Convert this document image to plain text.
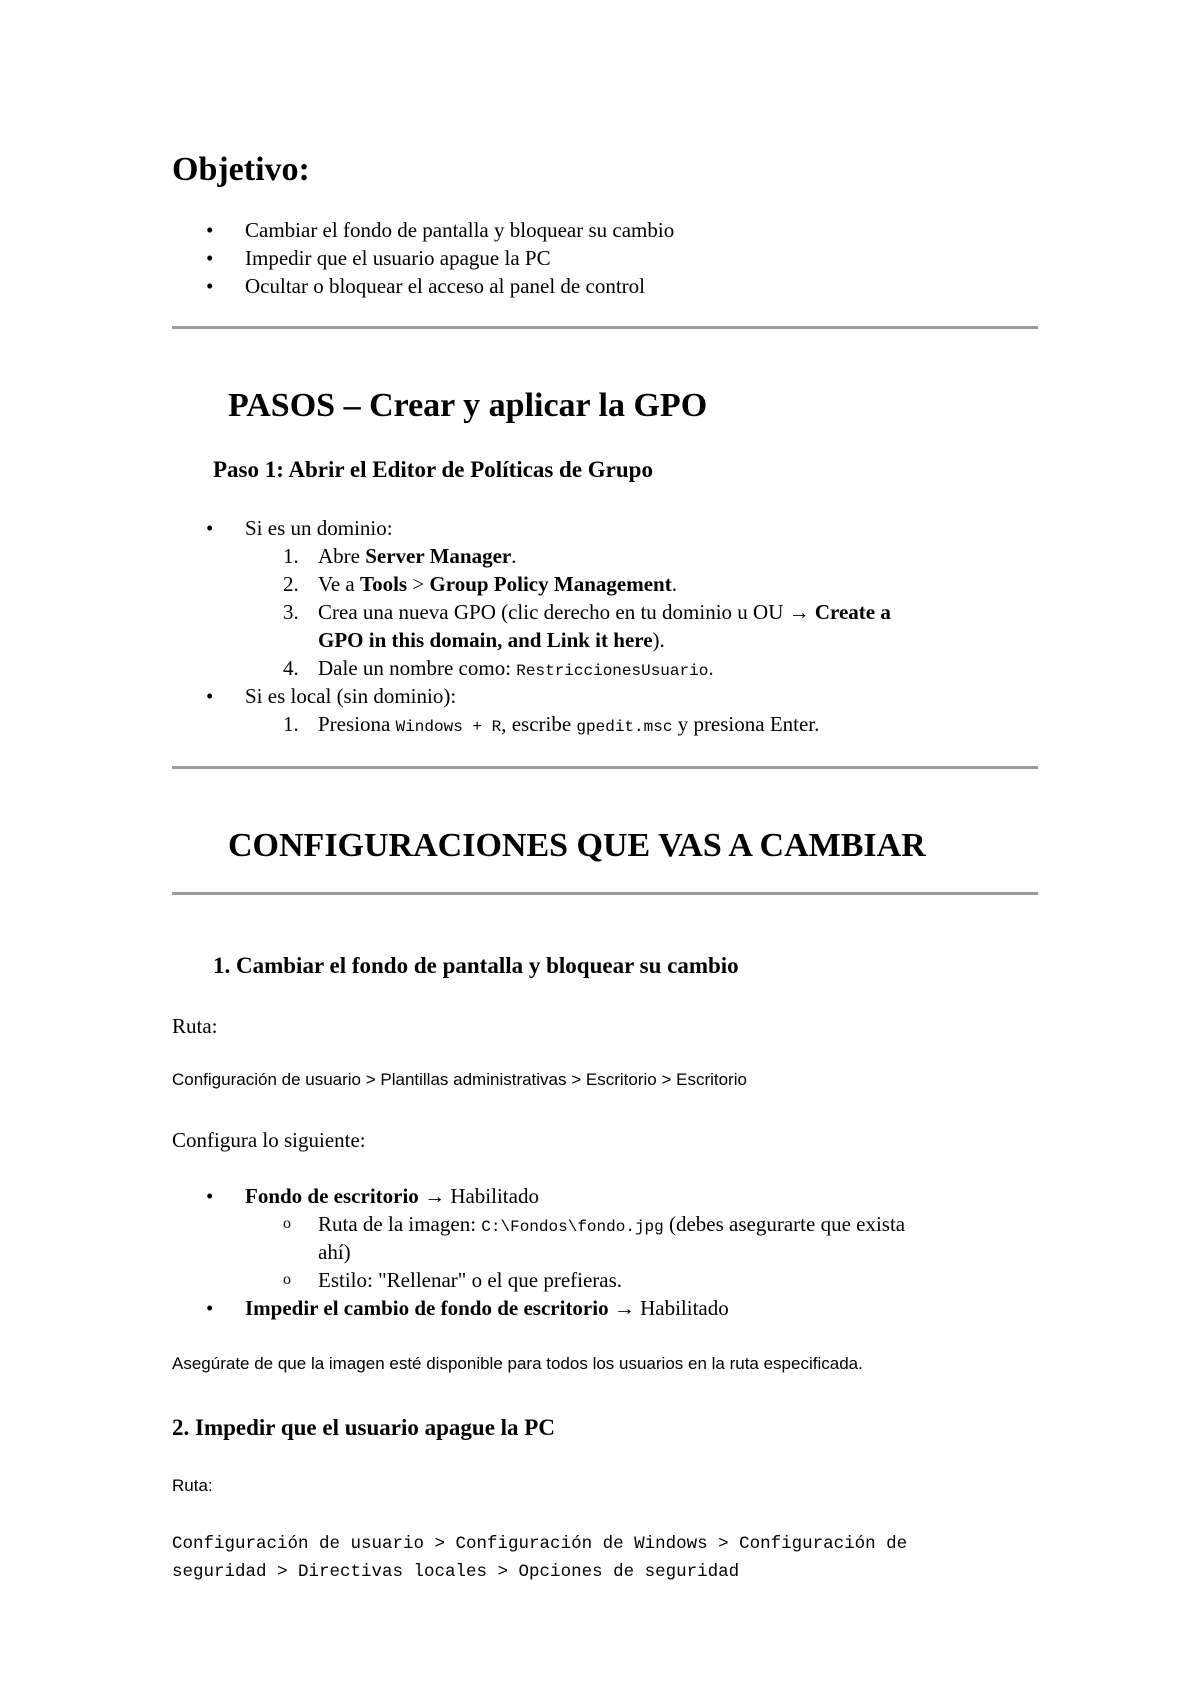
Objetivo:
• Cambiar el fondo de pantalla y bloquear su cambio
• Impedir que el usuario apague la PC
• Ocultar o bloquear el acceso al panel de control
PASOS – Crear y aplicar la GPO
Paso 1: Abrir el Editor de Políticas de Grupo
• Si es un dominio:
1. Abre Server Manager.
2. Ve a Tools > Group Policy Management.
3. Crea una nueva GPO (clic derecho en tu dominio u OU → Create a
GPO in this domain, and Link it here).
4. Dale un nombre como: RestriccionesUsuario.
• Si es local (sin dominio):
1. Presiona Windows + R, escribe gpedit.msc y presiona Enter.
CONFIGURACIONES QUE VAS A CAMBIAR
1. Cambiar el fondo de pantalla y bloquear su cambio
Ruta:
Configuración de usuario > Plantillas administrativas > Escritorio > Escritorio
Configura lo siguiente:
• Fondo de escritorio → Habilitado
o Ruta de la imagen: C:\Fondos\fondo.jpg (debes asegurarte que exista
ahí)
o Estilo: "Rellenar" o el que prefieras.
• Impedir el cambio de fondo de escritorio → Habilitado
Asegúrate de que la imagen esté disponible para todos los usuarios en la ruta especificada.
2. Impedir que el usuario apague la PC
Ruta:
Configuración de usuario > Configuración de Windows > Configuración de
seguridad > Directivas locales > Opciones de seguridad
